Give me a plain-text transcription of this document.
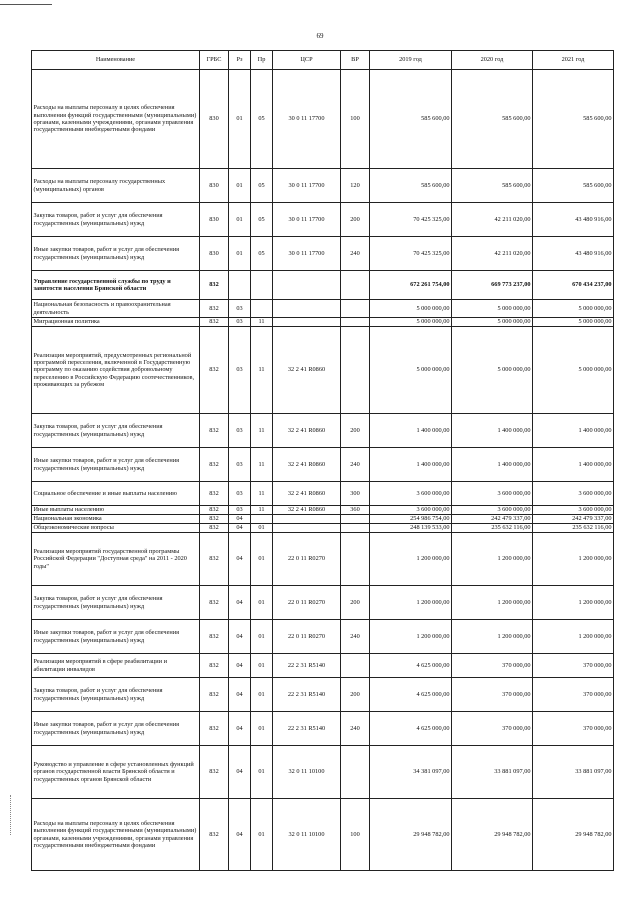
69
Наименование	ГРБС	Рз	Пр	ЦСР	ВР	2019 год	2020 год	2021 год
Расходы на выплаты персоналу в целях обеспечения выполнения функций государственными (муниципальными) органами, казенными учреждениями, органами управления государственными внебюджетными фондами	830	01	05	30 0 11 17700	100	585 600,00	585 600,00	585 600,00
Расходы на выплаты персоналу государственных (муниципальных) органов	830	01	05	30 0 11 17700	120	585 600,00	585 600,00	585 600,00
Закупка товаров, работ и услуг для обеспечения государственных (муниципальных) нужд	830	01	05	30 0 11 17700	200	70 425 325,00	42 211 020,00	43 480 916,00
Иные закупки товаров, работ и услуг для обеспечения государственных (муниципальных) нужд	830	01	05	30 0 11 17700	240	70 425 325,00	42 211 020,00	43 480 916,00
Управление государственной службы по труду и занятости населения Брянской области	832					672 261 754,00	669 773 237,00	670 434 237,00
Национальная безопасность и правоохранительная деятельность	832	03				5 000 000,00	5 000 000,00	5 000 000,00
Миграционная политика	832	03	11			5 000 000,00	5 000 000,00	5 000 000,00
Реализация мероприятий, предусмотренных региональной программой переселения, включенной в Государственную программу по оказанию содействия добровольному переселению в Российскую Федерацию соотечественников, проживающих за рубежом	832	03	11	32 2 41 R0860		5 000 000,00	5 000 000,00	5 000 000,00
Закупка товаров, работ и услуг для обеспечения государственных (муниципальных) нужд	832	03	11	32 2 41 R0860	200	1 400 000,00	1 400 000,00	1 400 000,00
Иные закупки товаров, работ и услуг для обеспечения государственных (муниципальных) нужд	832	03	11	32 2 41 R0860	240	1 400 000,00	1 400 000,00	1 400 000,00
Социальное обеспечение и иные выплаты населению	832	03	11	32 2 41 R0860	300	3 600 000,00	3 600 000,00	3 600 000,00
Иные выплаты населению	832	03	11	32 2 41 R0860	360	3 600 000,00	3 600 000,00	3 600 000,00
Национальная экономика	832	04				254 986 754,00	242 479 337,00	242 479 337,00
Общеэкономические вопросы	832	04	01			248 139 533,00	235 632 116,00	235 632 116,00
Реализация мероприятий государственной программы Российской Федерации "Доступная среда" на 2011 - 2020 годы"	832	04	01	22 0 11 R0270		1 200 000,00	1 200 000,00	1 200 000,00
Закупка товаров, работ и услуг для обеспечения государственных (муниципальных) нужд	832	04	01	22 0 11 R0270	200	1 200 000,00	1 200 000,00	1 200 000,00
Иные закупки товаров, работ и услуг для обеспечения государственных (муниципальных) нужд	832	04	01	22 0 11 R0270	240	1 200 000,00	1 200 000,00	1 200 000,00
Реализация мероприятий в сфере реабилитации и абилитации инвалидов	832	04	01	22 2 31 R5140		4 625 000,00	370 000,00	370 000,00
Закупка товаров, работ и услуг для обеспечения государственных (муниципальных) нужд	832	04	01	22 2 31 R5140	200	4 625 000,00	370 000,00	370 000,00
Иные закупки товаров, работ и услуг для обеспечения государственных (муниципальных) нужд	832	04	01	22 2 31 R5140	240	4 625 000,00	370 000,00	370 000,00
Руководство и управление в сфере установленных функций органов государственной власти Брянской области и государственных органов Брянской области	832	04	01	32 0 11 10100		34 381 097,00	33 881 097,00	33 881 097,00
Расходы на выплаты персоналу в целях обеспечения выполнения функций государственными (муниципальными) органами, казенными учреждениями, органами управления государственными внебюджетными фондами	832	04	01	32 0 11 10100	100	29 948 782,00	29 948 782,00	29 948 782,00
